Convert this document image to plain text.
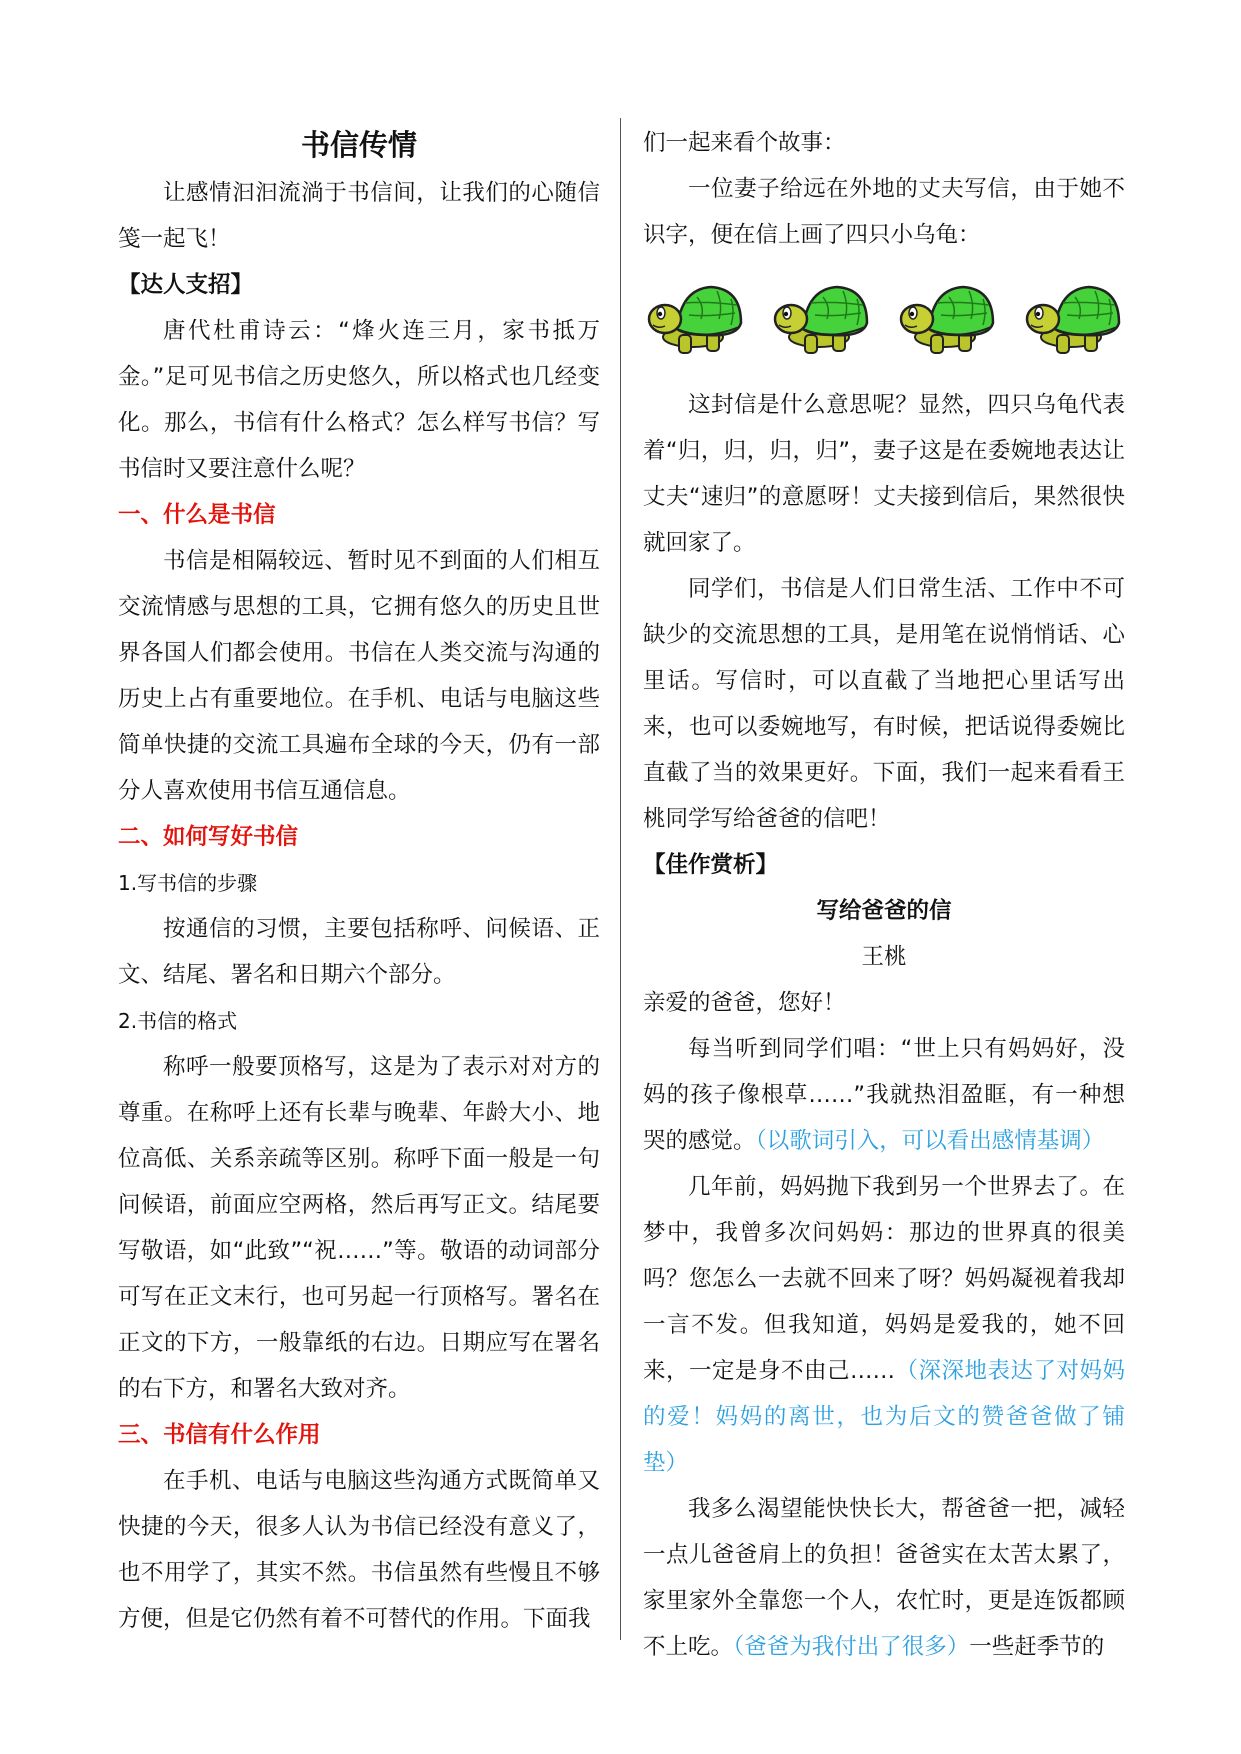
书信传情

让感情汩汩流淌于书信间，让我们的心随信笺一起飞！

【达人支招】

唐代杜甫诗云：“烽火连三月，家书抵万金。”足可见书信之历史悠久，所以格式也几经变化。那么，书信有什么格式？怎么样写书信？写书信时又要注意什么呢？

一、什么是书信

书信是相隔较远、暂时见不到面的人们相互交流情感与思想的工具，它拥有悠久的历史且世界各国人们都会使用。书信在人类交流与沟通的历史上占有重要地位。在手机、电话与电脑这些简单快捷的交流工具遍布全球的今天，仍有一部分人喜欢使用书信互通信息。

二、如何写好书信

1.写书信的步骤

按通信的习惯，主要包括称呼、问候语、正文、结尾、署名和日期六个部分。

2.书信的格式

称呼一般要顶格写，这是为了表示对对方的尊重。在称呼上还有长辈与晚辈、年龄大小、地位高低、关系亲疏等区别。称呼下面一般是一句问候语，前面应空两格，然后再写正文。结尾要写敬语，如“此致”“祝……”等。敬语的动词部分可写在正文末行，也可另起一行顶格写。署名在正文的下方，一般靠纸的右边。日期应写在署名的右下方，和署名大致对齐。

三、书信有什么作用

在手机、电话与电脑这些沟通方式既简单又快捷的今天，很多人认为书信已经没有意义了，也不用学了，其实不然。书信虽然有些慢且不够方便，但是它仍然有着不可替代的作用。下面我

们一起来看个故事：

一位妻子给远在外地的丈夫写信，由于她不识字，便在信上画了四只小乌龟：

这封信是什么意思呢？显然，四只乌龟代表着“归，归，归，归”，妻子这是在委婉地表达让丈夫“速归”的意愿呀！丈夫接到信后，果然很快就回家了。

同学们，书信是人们日常生活、工作中不可缺少的交流思想的工具，是用笔在说悄悄话、心里话。写信时，可以直截了当地把心里话写出来，也可以委婉地写，有时候，把话说得委婉比直截了当的效果更好。下面，我们一起来看看王桃同学写给爸爸的信吧！

【佳作赏析】

写给爸爸的信

王桃

亲爱的爸爸，您好！

每当听到同学们唱：“世上只有妈妈好，没妈的孩子像根草……”我就热泪盈眶，有一种想哭的感觉。（以歌词引入，可以看出感情基调）

几年前，妈妈抛下我到另一个世界去了。在梦中，我曾多次问妈妈：那边的世界真的很美吗？您怎么一去就不回来了呀？妈妈凝视着我却一言不发。但我知道，妈妈是爱我的，她不回来，一定是身不由己……（深深地表达了对妈妈的爱！妈妈的离世，也为后文的赞爸爸做了铺垫）

我多么渴望能快快长大，帮爸爸一把，减轻一点儿爸爸肩上的负担！爸爸实在太苦太累了，家里家外全靠您一个人，农忙时，更是连饭都顾不上吃。（爸爸为我付出了很多）一些赶季节的
